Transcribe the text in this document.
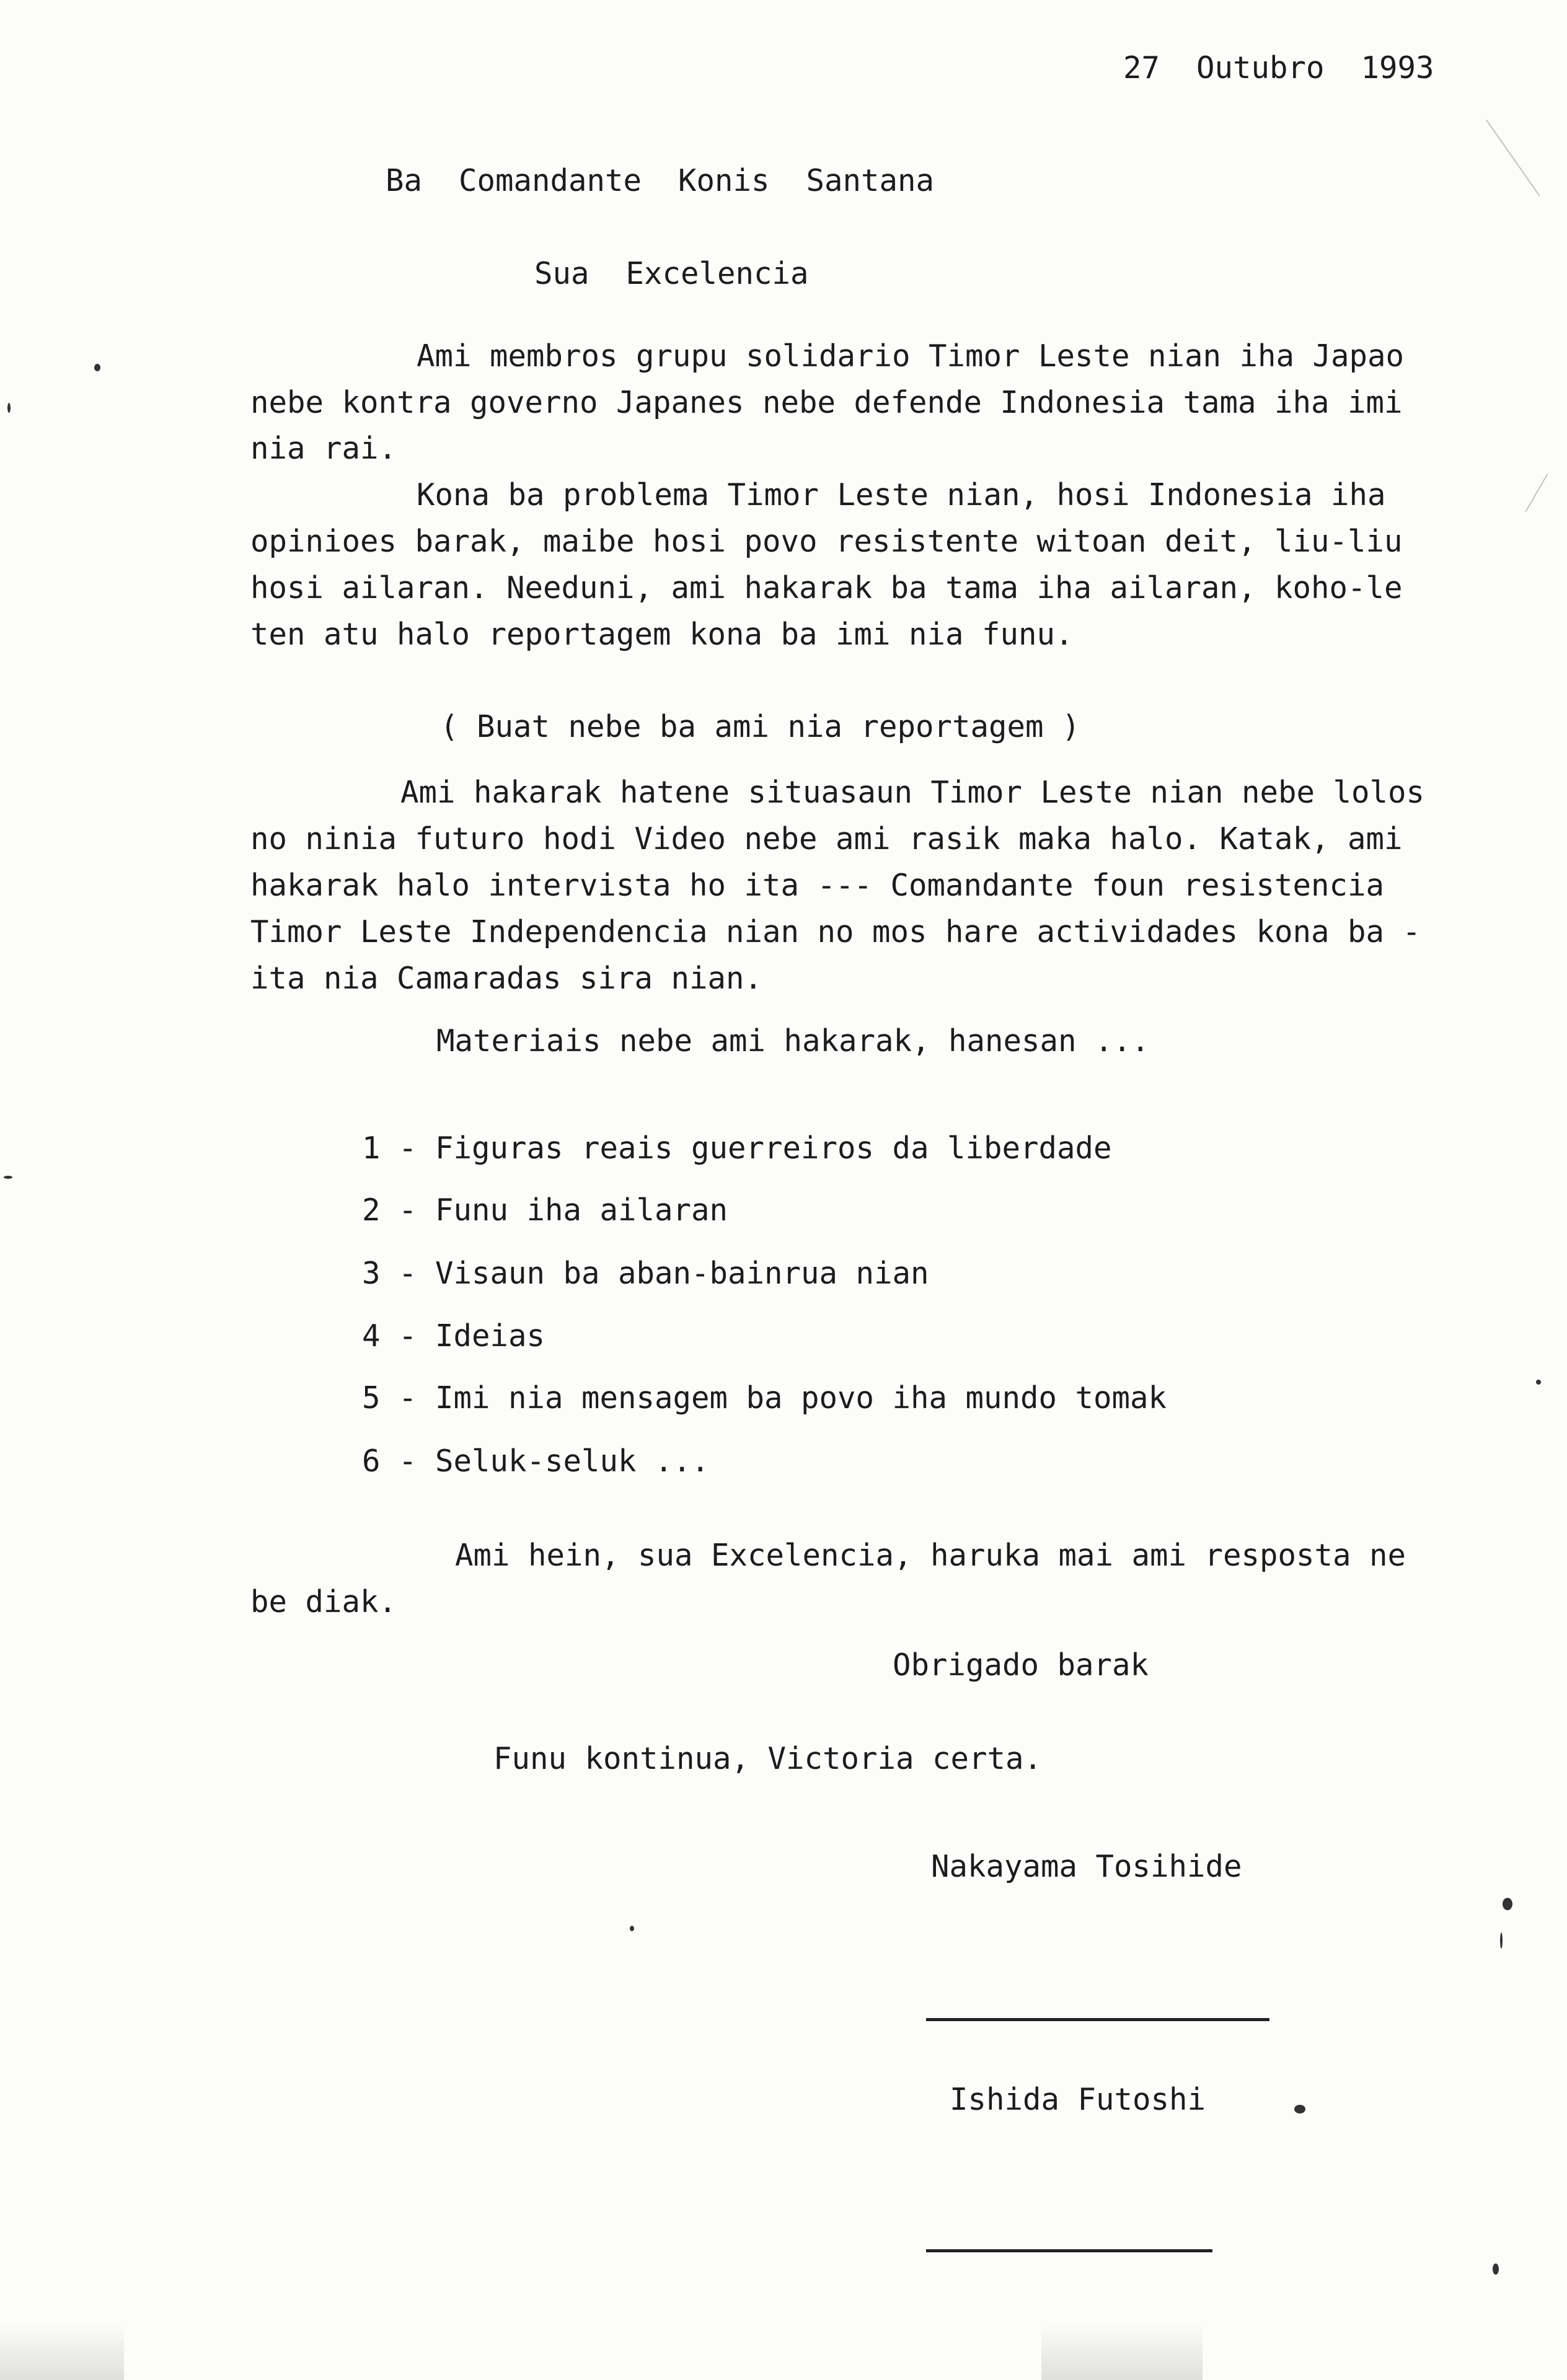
27  Outubro  1993
Ba  Comandante  Konis  Santana
Sua  Excelencia
Ami membros grupu solidario Timor Leste nian iha Japao
nebe kontra governo Japanes nebe defende Indonesia tama iha imi
nia rai.
Kona ba problema Timor Leste nian, hosi Indonesia iha
opinioes barak, maibe hosi povo resistente witoan deit, liu-liu
hosi ailaran. Needuni, ami hakarak ba tama iha ailaran, koho-le
ten atu halo reportagem kona ba imi nia funu.
( Buat nebe ba ami nia reportagem )
Ami hakarak hatene situasaun Timor Leste nian nebe lolos
no ninia futuro hodi Video nebe ami rasik maka halo. Katak, ami
hakarak halo intervista ho ita --- Comandante foun resistencia
Timor Leste Independencia nian no mos hare actividades kona ba -
ita nia Camaradas sira nian.
Materiais nebe ami hakarak, hanesan ...
1 - Figuras reais guerreiros da liberdade
2 - Funu iha ailaran
3 - Visaun ba aban-bainrua nian
4 - Ideias
5 - Imi nia mensagem ba povo iha mundo tomak
6 - Seluk-seluk ...
Ami hein, sua Excelencia, haruka mai ami resposta ne
be diak.
Obrigado barak
Funu kontinua, Victoria certa.
Nakayama Tosihide
Ishida Futoshi
